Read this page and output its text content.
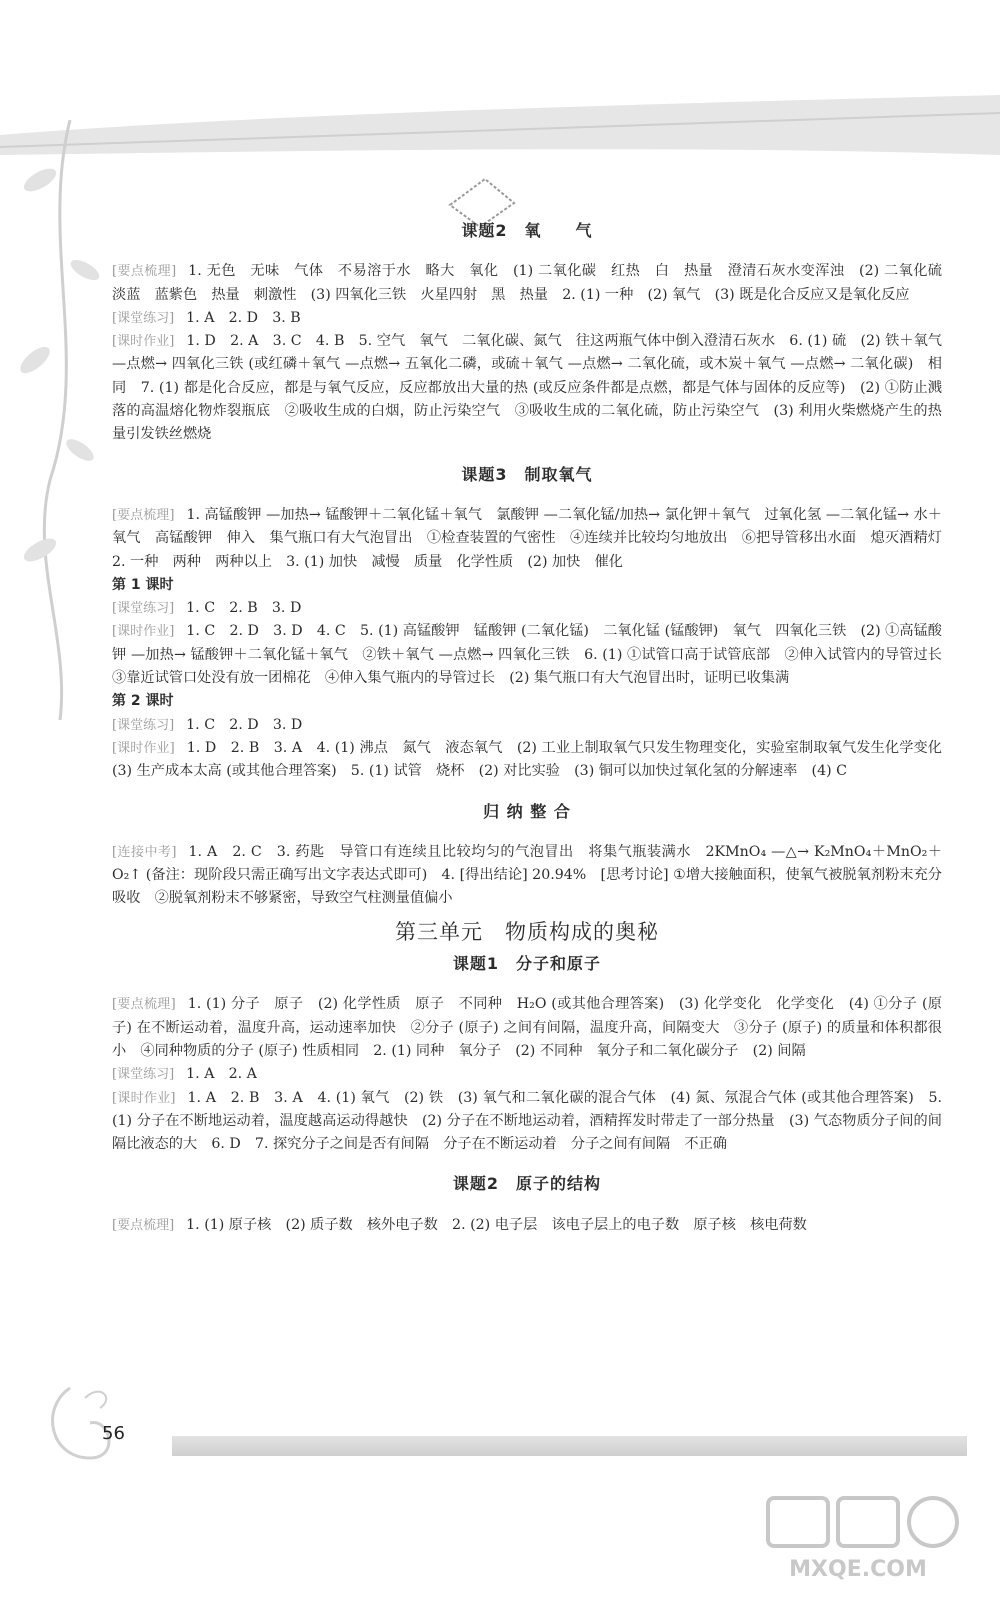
课题2　氧　　气

[要点梳理] 1. 无色　无味　气体　不易溶于水　略大　氧化　(1) 二氧化碳　红热　白　热量　澄清石灰水变浑浊　(2) 二氧化硫　淡蓝　蓝紫色　热量　刺激性　(3) 四氧化三铁　火星四射　黑　热量　2. (1) 一种　(2) 氧气　(3) 既是化合反应又是氧化反应

[课堂练习] 1. A　2. D　3. B

[课时作业] 1. D　2. A　3. C　4. B　5. 空气　氧气　二氧化碳、氮气　往这两瓶气体中倒入澄清石灰水　6. (1) 硫　(2) 铁＋氧气 —点燃→ 四氧化三铁 (或红磷＋氧气 —点燃→ 五氧化二磷，或硫＋氧气 —点燃→ 二氧化硫，或木炭＋氧气 —点燃→ 二氧化碳)　相同　7. (1) 都是化合反应，都是与氧气反应，反应都放出大量的热 (或反应条件都是点燃，都是气体与固体的反应等)　(2) ①防止溅落的高温熔化物炸裂瓶底　②吸收生成的白烟，防止污染空气　③吸收生成的二氧化硫，防止污染空气　(3) 利用火柴燃烧产生的热量引发铁丝燃烧

课题3　制取氧气

[要点梳理] 1. 高锰酸钾 —加热→ 锰酸钾＋二氧化锰＋氧气　氯酸钾 —二氧化锰/加热→ 氯化钾＋氧气　过氧化氢 —二氧化锰→ 水＋氧气　高锰酸钾　伸入　集气瓶口有大气泡冒出　①检查装置的气密性　④连续并比较均匀地放出　⑥把导管移出水面　熄灭酒精灯　2. 一种　两种　两种以上　3. (1) 加快　减慢　质量　化学性质　(2) 加快　催化

第 1 课时

[课堂练习] 1. C　2. B　3. D

[课时作业] 1. C　2. D　3. D　4. C　5. (1) 高锰酸钾　锰酸钾 (二氧化锰)　二氧化锰 (锰酸钾)　氧气　四氧化三铁　(2) ①高锰酸钾 —加热→ 锰酸钾＋二氧化锰＋氧气　②铁＋氧气 —点燃→ 四氧化三铁　6. (1) ①试管口高于试管底部　②伸入试管内的导管过长　③靠近试管口处没有放一团棉花　④伸入集气瓶内的导管过长　(2) 集气瓶口有大气泡冒出时，证明已收集满

第 2 课时

[课堂练习] 1. C　2. D　3. D

[课时作业] 1. D　2. B　3. A　4. (1) 沸点　氮气　液态氧气　(2) 工业上制取氧气只发生物理变化，实验室制取氧气发生化学变化　(3) 生产成本太高 (或其他合理答案)　5. (1) 试管　烧杯　(2) 对比实验　(3) 铜可以加快过氧化氢的分解速率　(4) C

归 纳 整 合

[连接中考] 1. A　2. C　3. 药匙　导管口有连续且比较均匀的气泡冒出　将集气瓶装满水　2KMnO₄ —△→ K₂MnO₄＋MnO₂＋O₂↑ (备注：现阶段只需正确写出文字表达式即可)　4. [得出结论] 20.94%　[思考讨论] ①增大接触面积，使氧气被脱氧剂粉末充分吸收　②脱氧剂粉末不够紧密，导致空气柱测量值偏小

第三单元　物质构成的奥秘
课题1　分子和原子

[要点梳理] 1. (1) 分子　原子　(2) 化学性质　原子　不同种　H₂O (或其他合理答案)　(3) 化学变化　化学变化　(4) ①分子 (原子) 在不断运动着，温度升高，运动速率加快　②分子 (原子) 之间有间隔，温度升高，间隔变大　③分子 (原子) 的质量和体积都很小　④同种物质的分子 (原子) 性质相同　2. (1) 同种　氧分子　(2) 不同种　氧分子和二氧化碳分子　(2) 间隔

[课堂练习] 1. A　2. A

[课时作业] 1. A　2. B　3. A　4. (1) 氧气　(2) 铁　(3) 氧气和二氧化碳的混合气体　(4) 氮、氖混合气体 (或其他合理答案)　5. (1) 分子在不断地运动着，温度越高运动得越快　(2) 分子在不断地运动着，酒精挥发时带走了一部分热量　(3) 气态物质分子间的间隔比液态的大　6. D　7. 探究分子之间是否有间隔　分子在不断运动着　分子之间有间隔　不正确

课题2　原子的结构

[要点梳理] 1. (1) 原子核　(2) 质子数　核外电子数　2. (2) 电子层　该电子层上的电子数　原子核　核电荷数

56
MXQE.COM
